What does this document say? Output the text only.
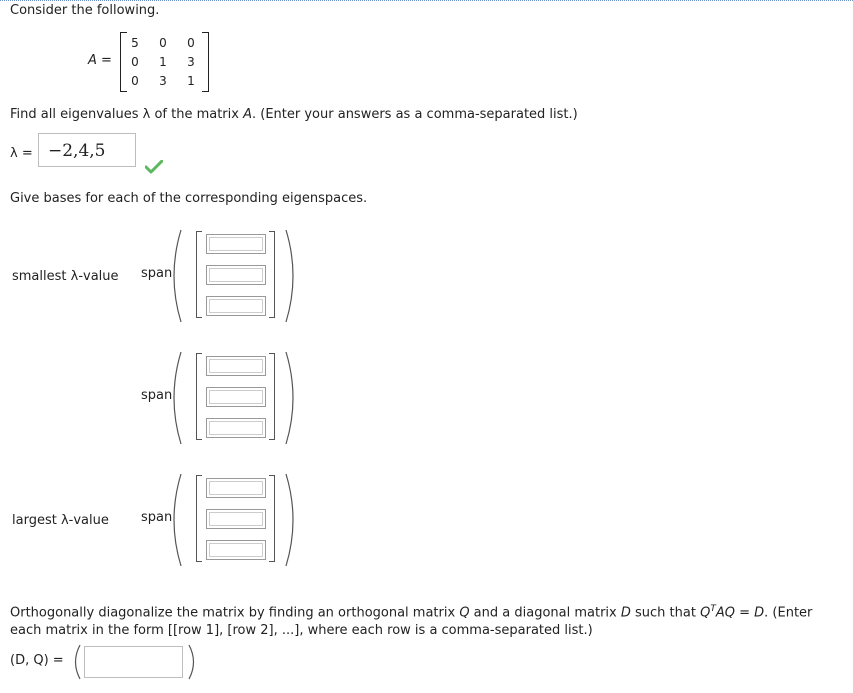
Consider the following.
A =
5	0	0
0	1	3
0	3	1
Find all eigenvalues λ of the matrix A. (Enter your answers as a comma-separated list.)
λ = −2,4,5
Give bases for each of the corresponding eigenspaces.
smallest λ-value span
span
largest λ-value span
Orthogonally diagonalize the matrix by finding an orthogonal matrix Q and a diagonal matrix D such that $Q^TAQ = D$. (Enter
each matrix in the form [[row 1], [row 2], ...], where each row is a comma-separated list.)
(D, Q) =
